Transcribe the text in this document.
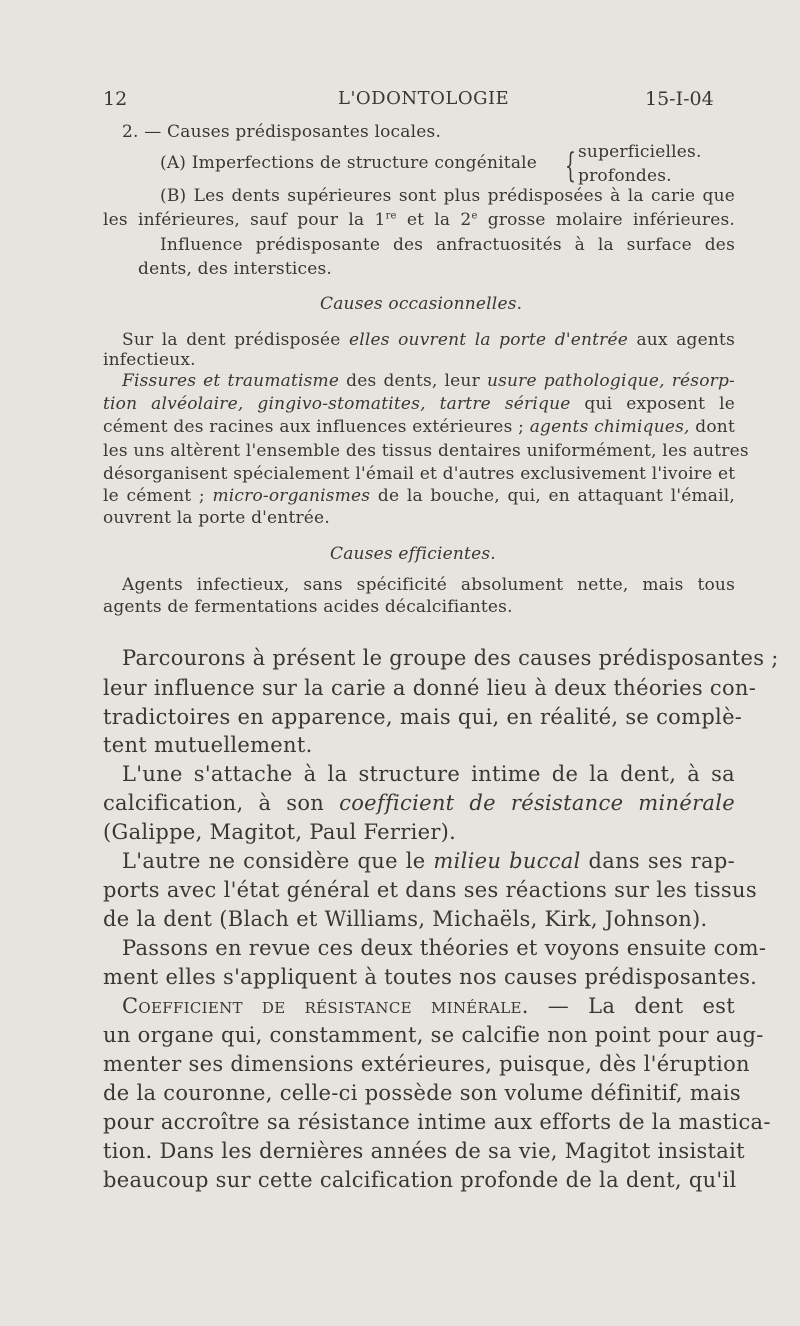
12	L'ODONTOLOGIE	15-I-04
2. — Causes prédisposantes locales.
(A) Imperfections de structure congénitale { superficielles.
profondes.
(B) Les dents supérieures sont plus prédisposées à la carie que
les inférieures, sauf pour la 1re et la 2e grosse molaire inférieures.
Influence prédisposante des anfractuosités à la surface des
dents, des interstices.
Causes occasionnelles.
Sur la dent prédisposée elles ouvrent la porte d'entrée aux agents
infectieux.
Fissures et traumatisme des dents, leur usure pathologique, résorp-
tion alvéolaire, gingivo-stomatites, tartre sérique qui exposent le
cément des racines aux influences extérieures ; agents chimiques, dont
les uns altèrent l'ensemble des tissus dentaires uniformément, les autres
désorganisent spécialement l'émail et d'autres exclusivement l'ivoire et
le cément ; micro-organismes de la bouche, qui, en attaquant l'émail,
ouvrent la porte d'entrée.
Causes efficientes.
Agents infectieux, sans spécificité absolument nette, mais tous
agents de fermentations acides décalcifiantes.
Parcourons à présent le groupe des causes prédisposantes ;
leur influence sur la carie a donné lieu à deux théories con-
tradictoires en apparence, mais qui, en réalité, se complè-
tent mutuellement.
L'une s'attache à la structure intime de la dent, à sa
calcification, à son coefficient de résistance minérale
(Galippe, Magitot, Paul Ferrier).
L'autre ne considère que le milieu buccal dans ses rap-
ports avec l'état général et dans ses réactions sur les tissus
de la dent (Blach et Williams, Michaëls, Kirk, Johnson).
Passons en revue ces deux théories et voyons ensuite com-
ment elles s'appliquent à toutes nos causes prédisposantes.
Coefficient de résistance minérale. — La dent est
un organe qui, constamment, se calcifie non point pour aug-
menter ses dimensions extérieures, puisque, dès l'éruption
de la couronne, celle-ci possède son volume définitif, mais
pour accroître sa résistance intime aux efforts de la mastica-
tion. Dans les dernières années de sa vie, Magitot insistait
beaucoup sur cette calcification profonde de la dent, qu'il
